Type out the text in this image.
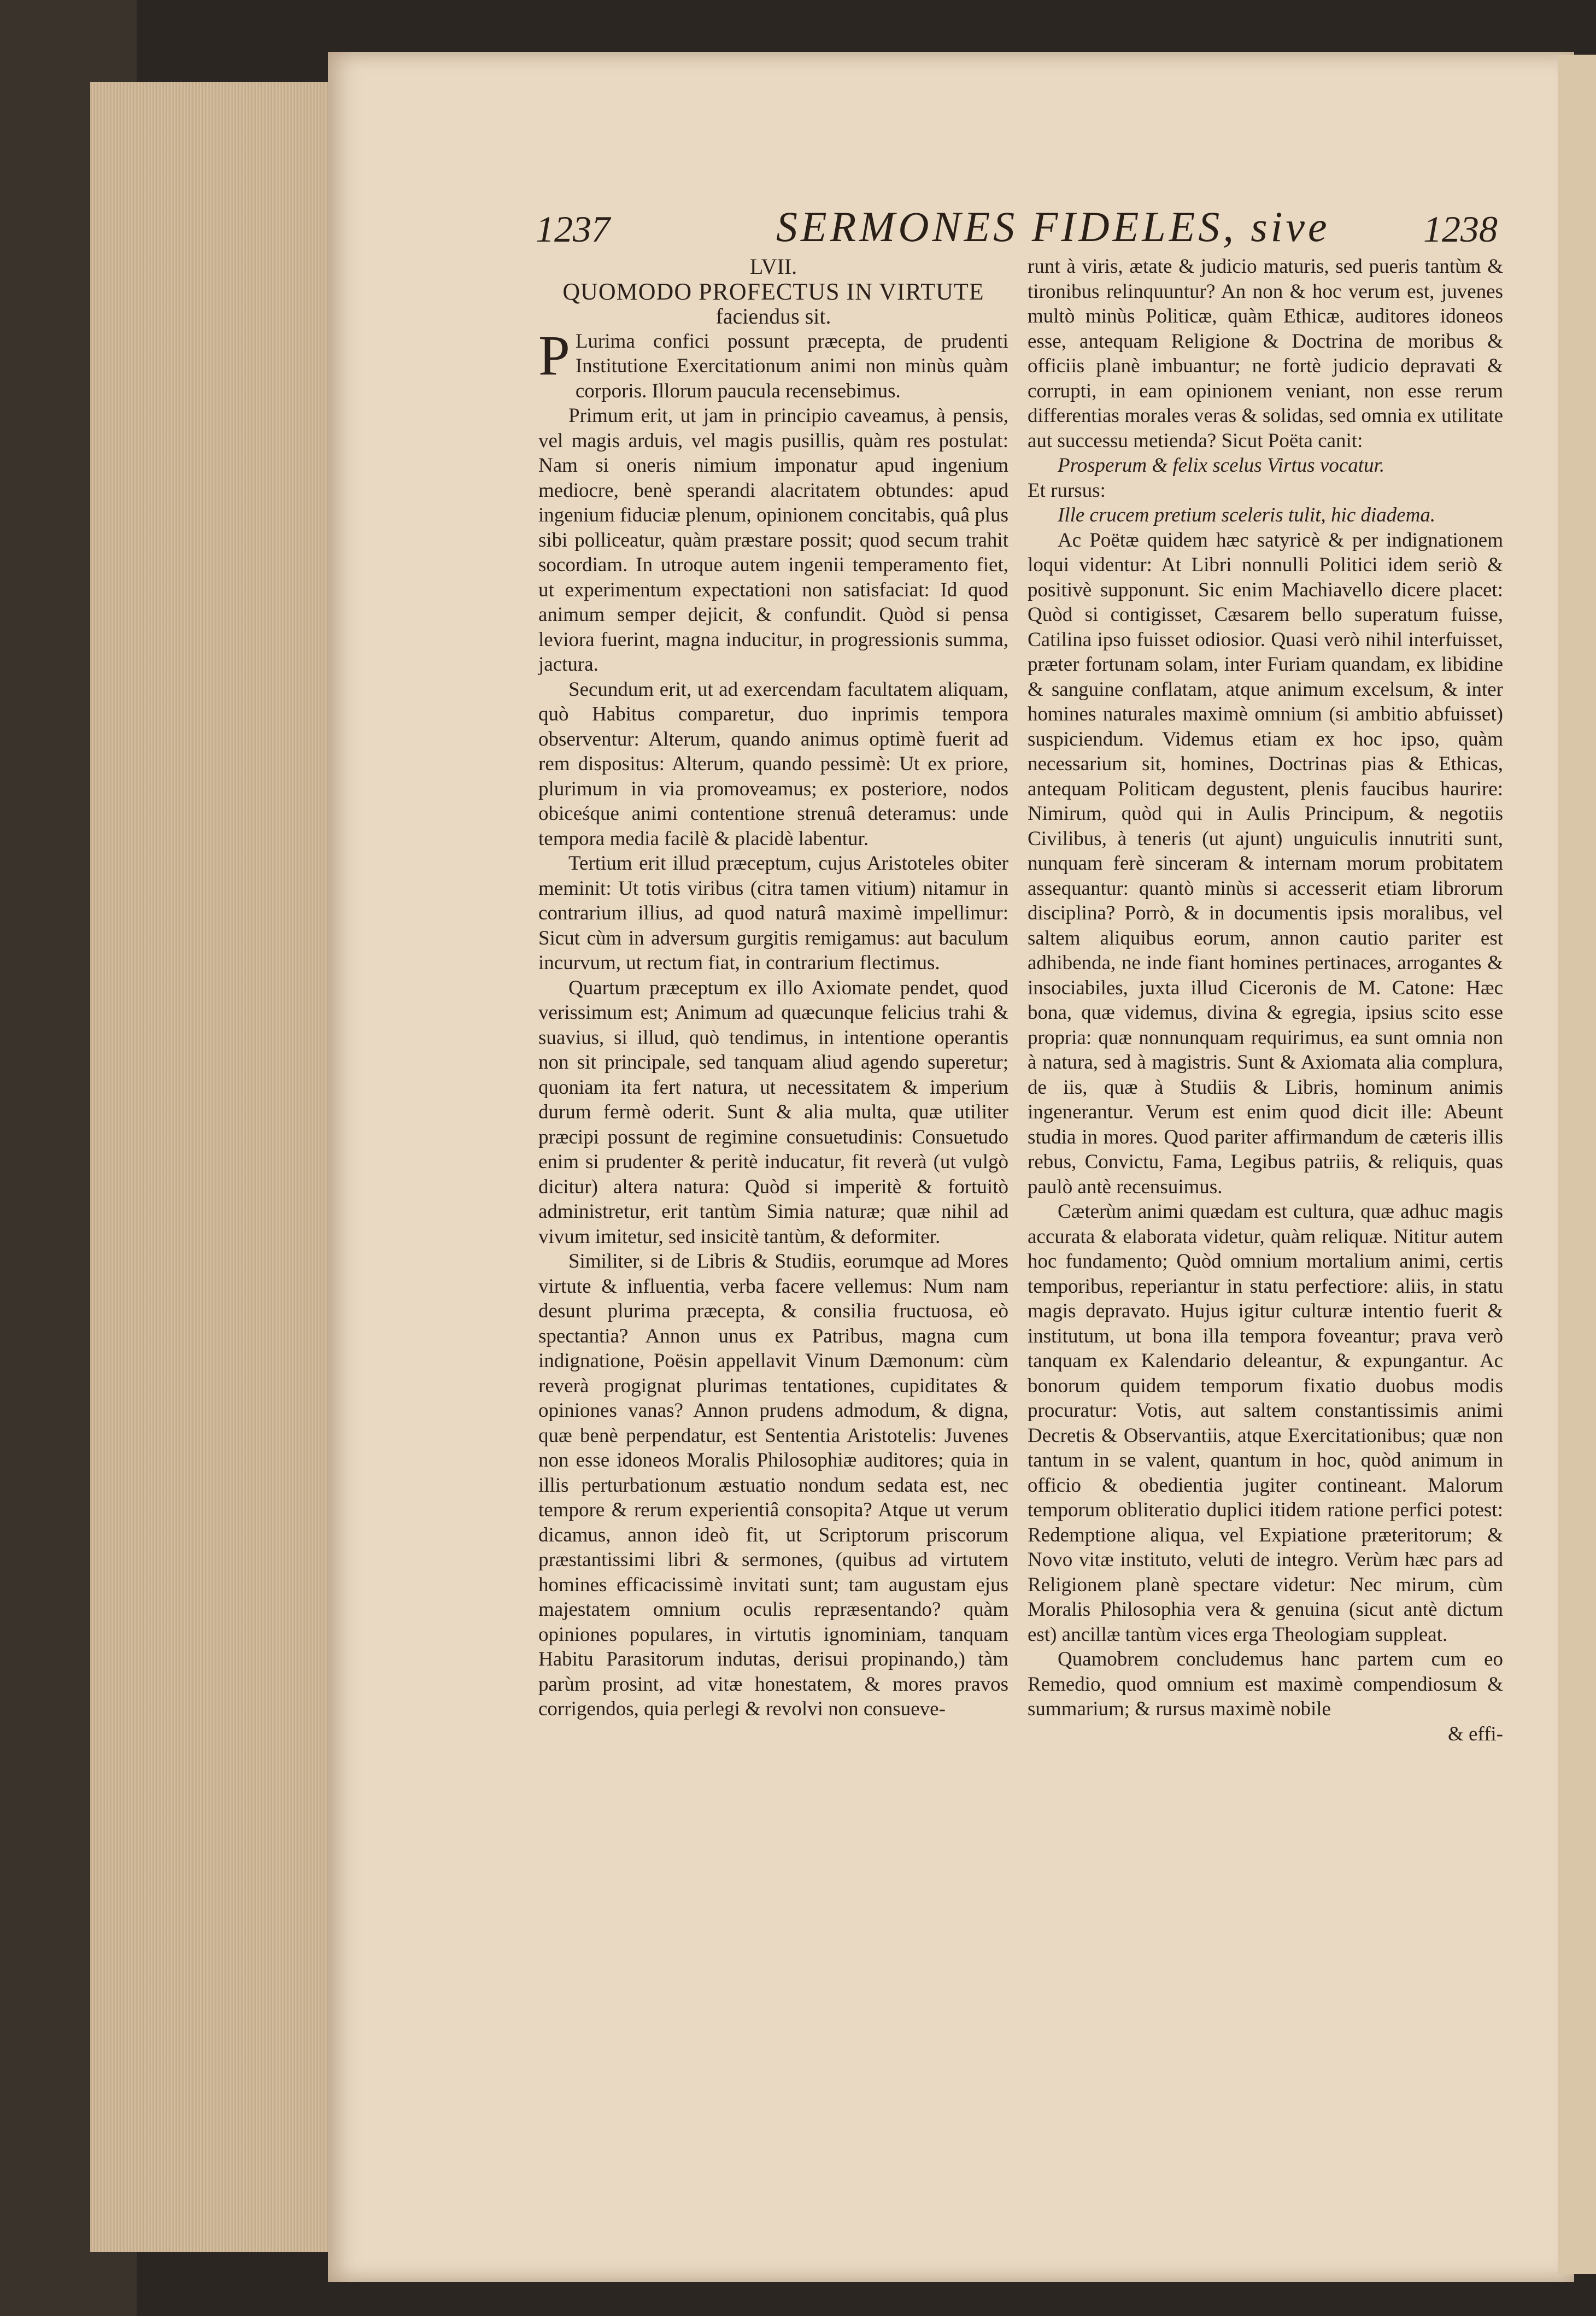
1237	SERMONES FIDELES, sive	1238
LVII.
QUOMODO PROFECTUS IN VIRTUTE
faciendus sit.

P Lurima confici possunt præcepta, de prudenti Institutione Exercitationum animi non minùs quàm corporis. Illorum paucula recensebimus.

Primum erit, ut jam in principio caveamus, à pensis, vel magis arduis, vel magis pusillis, quàm res postulat: Nam si oneris nimium imponatur apud ingenium mediocre, benè sperandi alacritatem obtundes: apud ingenium fiduciæ plenum, opinionem concitabis, quâ plus sibi polliceatur, quàm præstare possit; quod secum trahit socordiam. In utroque autem ingenii temperamento fiet, ut experimentum expectationi non satisfaciat: Id quod animum semper dejicit, & confundit. Quòd si pensa leviora fuerint, magna inducitur, in progressionis summa, jactura.

Secundum erit, ut ad exercendam facultatem aliquam, quò Habitus comparetur, duo inprimis tempora observentur: Alterum, quando animus optimè fuerit ad rem dispositus: Alterum, quando pessimè: Ut ex priore, plurimum in via promoveamus; ex posteriore, nodos obiceśque animi contentione strenuâ deteramus: unde tempora media facilè & placidè labentur.

Tertium erit illud præceptum, cujus Aristoteles obiter meminit: Ut totis viribus (citra tamen vitium) nitamur in contrarium illius, ad quod naturâ maximè impellimur: Sicut cùm in adversum gurgitis remigamus: aut baculum incurvum, ut rectum fiat, in contrarium flectimus.

Quartum præceptum ex illo Axiomate pendet, quod verissimum est; Animum ad quæcunque felicius trahi & suavius, si illud, quò tendimus, in intentione operantis non sit principale, sed tanquam aliud agendo superetur; quoniam ita fert natura, ut necessitatem & imperium durum fermè oderit. Sunt & alia multa, quæ utiliter præcipi possunt de regimine consuetudinis: Consuetudo enim si prudenter & peritè inducatur, fit reverà (ut vulgò dicitur) altera natura: Quòd si imperitè & fortuitò administretur, erit tantùm Simia naturæ; quæ nihil ad vivum imitetur, sed insicitè tantùm, & deformiter.

Similiter, si de Libris & Studiis, eorumque ad Mores virtute & influentia, verba facere vellemus: Num nam desunt plurima præcepta, & consilia fructuosa, eò spectantia? Annon unus ex Patribus, magna cum indignatione, Poësin appellavit Vinum Dæmonum: cùm reverà progignat plurimas tentationes, cupiditates & opiniones vanas? Annon prudens admodum, & digna, quæ benè perpendatur, est Sententia Aristotelis: Juvenes non esse idoneos Moralis Philosophiæ auditores; quia in illis perturbationum æstuatio nondum sedata est, nec tempore & rerum experientiâ consopita? Atque ut verum dicamus, annon ideò fit, ut Scriptorum priscorum præstantissimi libri & sermones, (quibus ad virtutem homines efficacissimè invitati sunt; tam augustam ejus majestatem omnium oculis repræsentando? quàm opiniones populares, in virtutis ignominiam, tanquam Habitu Parasitorum indutas, derisui propinando,) tàm parùm prosint, ad vitæ honestatem, & mores pravos corrigendos, quia perlegi & revolvi non consueve-

runt à viris, ætate & judicio maturis, sed pueris tantùm & tironibus relinquuntur? An non & hoc verum est, juvenes multò minùs Politicæ, quàm Ethicæ, auditores idoneos esse, antequam Religione & Doctrina de moribus & officiis planè imbuantur; ne fortè judicio depravati & corrupti, in eam opinionem veniant, non esse rerum differentias morales veras & solidas, sed omnia ex utilitate aut successu metienda? Sicut Poëta canit:

Prosperum & felix scelus Virtus vocatur.

Et rursus:

Ille crucem pretium sceleris tulit, hic diadema.

Ac Poëtæ quidem hæc satyricè & per indignationem loqui videntur: At Libri nonnulli Politici idem seriò & positivè supponunt. Sic enim Machiavello dicere placet: Quòd si contigisset, Cæsarem bello superatum fuisse, Catilina ipso fuisset odiosior. Quasi verò nihil interfuisset, præter fortunam solam, inter Furiam quandam, ex libidine & sanguine conflatam, atque animum excelsum, & inter homines naturales maximè omnium (si ambitio abfuisset) suspiciendum. Videmus etiam ex hoc ipso, quàm necessarium sit, homines, Doctrinas pias & Ethicas, antequam Politicam degustent, plenis faucibus haurire: Nimirum, quòd qui in Aulis Principum, & negotiis Civilibus, à teneris (ut ajunt) unguiculis innutriti sunt, nunquam ferè sinceram & internam morum probitatem assequantur: quantò minùs si accesserit etiam librorum disciplina? Porrò, & in documentis ipsis moralibus, vel saltem aliquibus eorum, annon cautio pariter est adhibenda, ne inde fiant homines pertinaces, arrogantes & insociabiles, juxta illud Ciceronis de M. Catone: Hæc bona, quæ videmus, divina & egregia, ipsius scito esse propria: quæ nonnunquam requirimus, ea sunt omnia non à natura, sed à magistris. Sunt & Axiomata alia complura, de iis, quæ à Studiis & Libris, hominum animis ingenerantur. Verum est enim quod dicit ille: Abeunt studia in mores. Quod pariter affirmandum de cæteris illis rebus, Convictu, Fama, Legibus patriis, & reliquis, quas paulò antè recensuimus.

Cæterùm animi quædam est cultura, quæ adhuc magis accurata & elaborata videtur, quàm reliquæ. Nititur autem hoc fundamento; Quòd omnium mortalium animi, certis temporibus, reperiantur in statu perfectiore: aliis, in statu magis depravato. Hujus igitur culturæ intentio fuerit & institutum, ut bona illa tempora foveantur; prava verò tanquam ex Kalendario deleantur, & expungantur. Ac bonorum quidem temporum fixatio duobus modis procuratur: Votis, aut saltem constantissimis animi Decretis & Observantiis, atque Exercitationibus; quæ non tantum in se valent, quantum in hoc, quòd animum in officio & obedientia jugiter contineant. Malorum temporum obliteratio duplici itidem ratione perfici potest: Redemptione aliqua, vel Expiatione præteritorum; & Novo vitæ instituto, veluti de integro. Verùm hæc pars ad Religionem planè spectare videtur: Nec mirum, cùm Moralis Philosophia vera & genuina (sicut antè dictum est) ancillæ tantùm vices erga Theologiam suppleat.

Quamobrem concludemus hanc partem cum eo Remedio, quod omnium est maximè compendiosum & summarium; & rursus maximè nobile

& effi-
